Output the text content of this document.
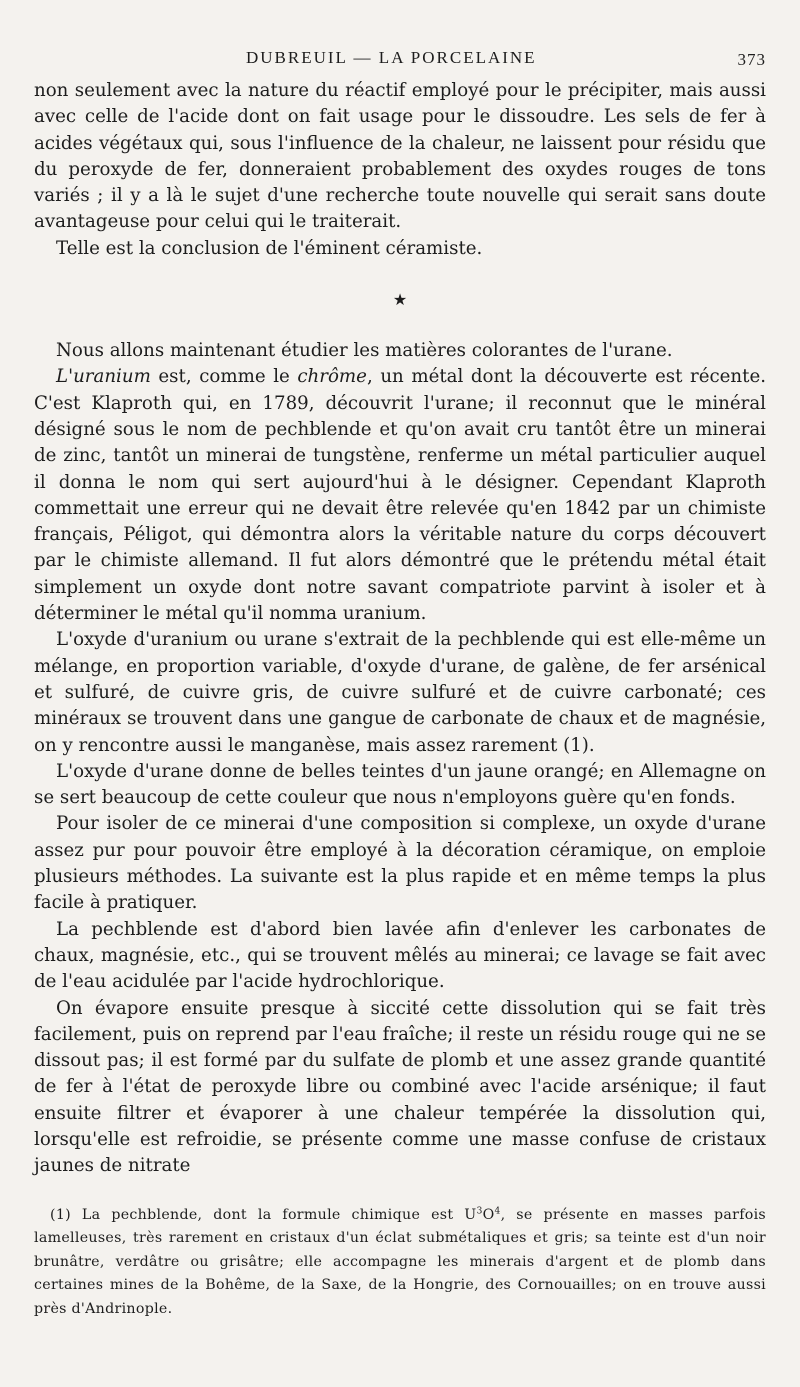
DUBREUIL — LA PORCELAINE	373

non seulement avec la nature du réactif employé pour le précipiter, mais aussi avec celle de l'acide dont on fait usage pour le dissoudre. Les sels de fer à acides végétaux qui, sous l'influence de la chaleur, ne laissent pour résidu que du peroxyde de fer, donneraient probablement des oxydes rouges de tons variés ; il y a là le sujet d'une recherche toute nouvelle qui serait sans doute avantageuse pour celui qui le traiterait.

Telle est la conclusion de l'éminent céramiste.

★

Nous allons maintenant étudier les matières colorantes de l'urane.

L'uranium est, comme le chrôme, un métal dont la découverte est récente. C'est Klaproth qui, en 1789, découvrit l'urane; il reconnut que le minéral désigné sous le nom de pechblende et qu'on avait cru tantôt être un minerai de zinc, tantôt un minerai de tungstène, renferme un métal particulier auquel il donna le nom qui sert aujourd'hui à le désigner. Cependant Klaproth commettait une erreur qui ne devait être relevée qu'en 1842 par un chimiste français, Péligot, qui démontra alors la véritable nature du corps découvert par le chimiste allemand. Il fut alors démontré que le prétendu métal était simplement un oxyde dont notre savant compatriote parvint à isoler et à déterminer le métal qu'il nomma uranium.

L'oxyde d'uranium ou urane s'extrait de la pechblende qui est elle-même un mélange, en proportion variable, d'oxyde d'urane, de galène, de fer arsénical et sulfuré, de cuivre gris, de cuivre sulfuré et de cuivre carbonaté; ces minéraux se trouvent dans une gangue de carbonate de chaux et de magnésie, on y rencontre aussi le manganèse, mais assez rarement (1).

L'oxyde d'urane donne de belles teintes d'un jaune orangé; en Allemagne on se sert beaucoup de cette couleur que nous n'employons guère qu'en fonds.

Pour isoler de ce minerai d'une composition si complexe, un oxyde d'urane assez pur pour pouvoir être employé à la décoration céramique, on emploie plusieurs méthodes. La suivante est la plus rapide et en même temps la plus facile à pratiquer.

La pechblende est d'abord bien lavée afin d'enlever les carbonates de chaux, magnésie, etc., qui se trouvent mêlés au minerai; ce lavage se fait avec de l'eau acidulée par l'acide hydrochlorique.

On évapore ensuite presque à siccité cette dissolution qui se fait très facilement, puis on reprend par l'eau fraîche; il reste un résidu rouge qui ne se dissout pas; il est formé par du sulfate de plomb et une assez grande quantité de fer à l'état de peroxyde libre ou combiné avec l'acide arsénique; il faut ensuite filtrer et évaporer à une chaleur tempérée la dissolution qui, lorsqu'elle est refroidie, se présente comme une masse confuse de cristaux jaunes de nitrate

(1) La pechblende, dont la formule chimique est $U^3O^4$, se présente en masses parfois lamelleuses, très rarement en cristaux d'un éclat submétaliques et gris; sa teinte est d'un noir brunâtre, verdâtre ou grisâtre; elle accompagne les minerais d'argent et de plomb dans certaines mines de la Bohême, de la Saxe, de la Hongrie, des Cornouailles; on en trouve aussi près d'Andrinople.
